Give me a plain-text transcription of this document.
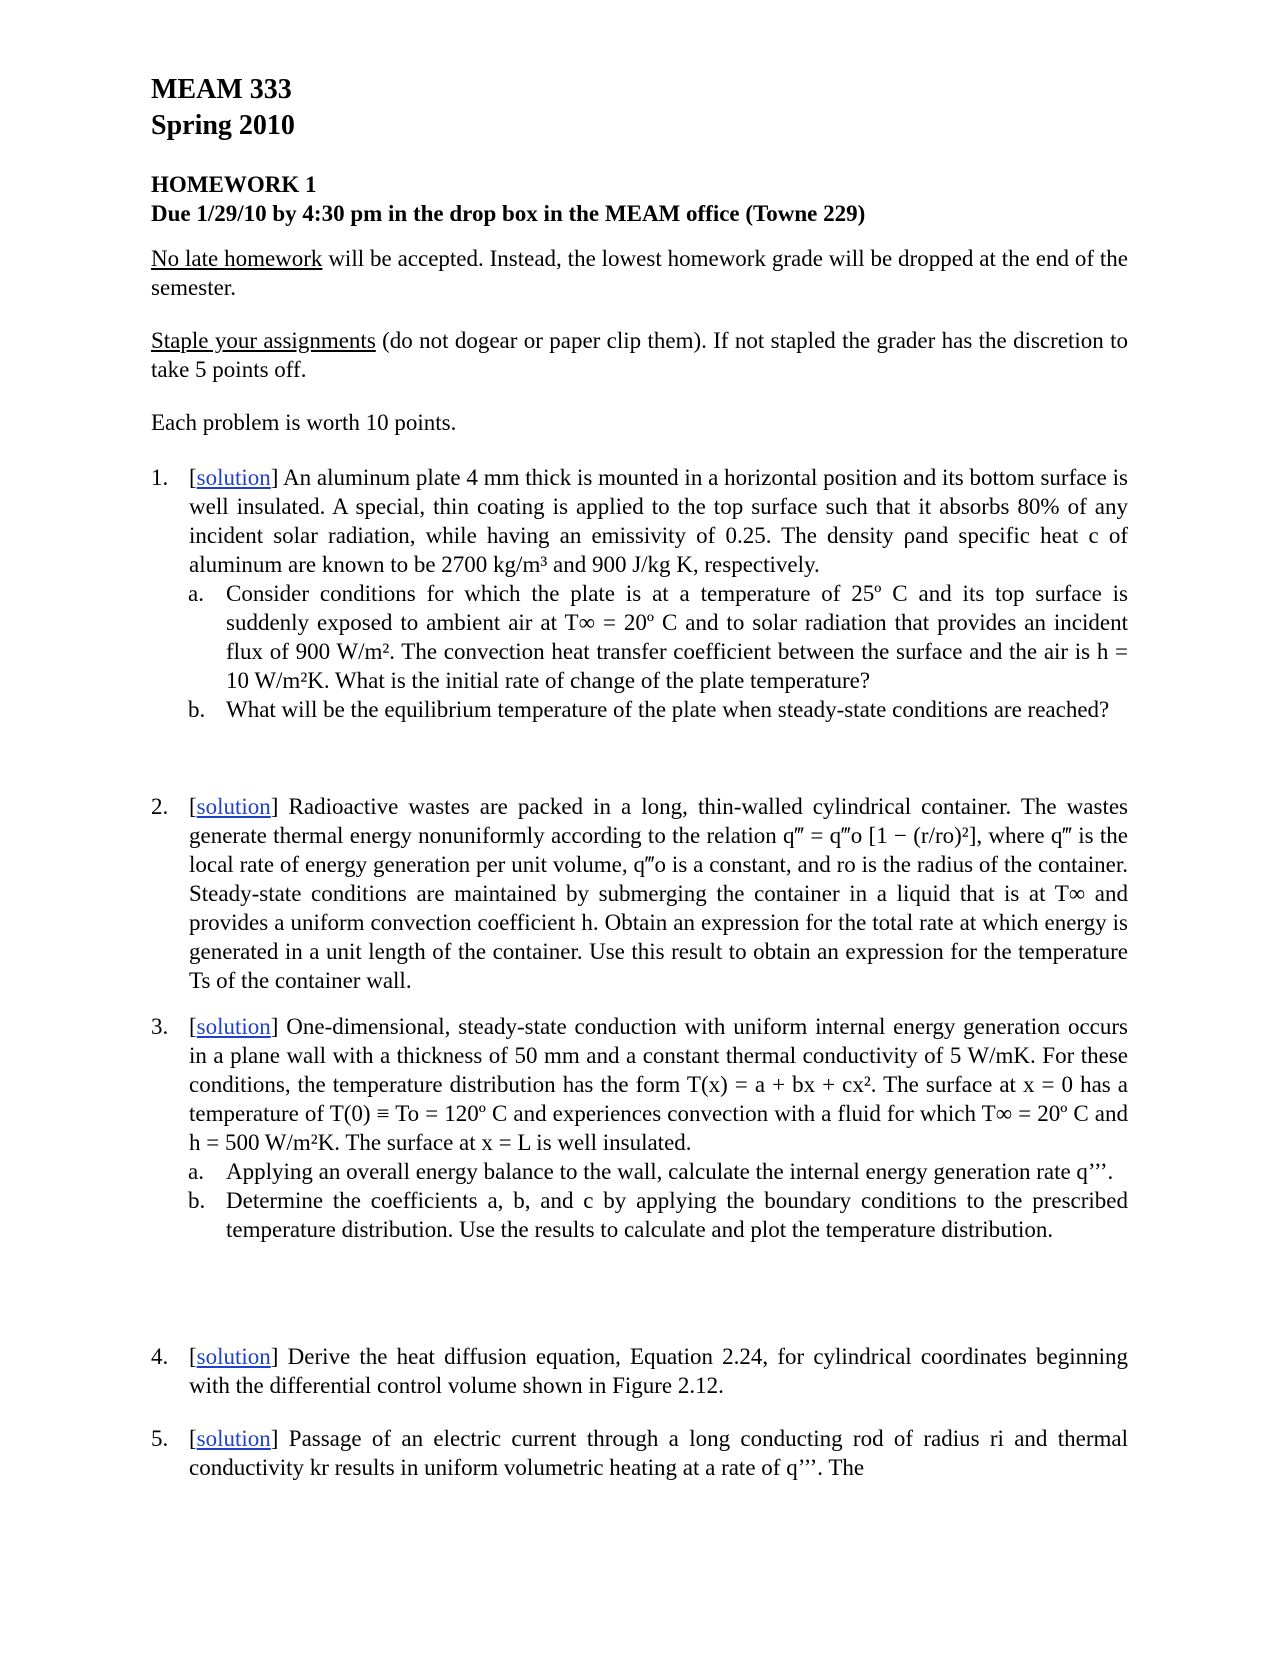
MEAM 333
Spring 2010
HOMEWORK 1
Due 1/29/10 by 4:30 pm in the drop box in the MEAM office (Towne 229)
No late homework will be accepted. Instead, the lowest homework grade will be dropped at the end of the semester.
Staple your assignments (do not dogear or paper clip them). If not stapled the grader has the discretion to take 5 points off.
Each problem is worth 10 points.
1. [solution] An aluminum plate 4 mm thick is mounted in a horizontal position and its bottom surface is well insulated. A special, thin coating is applied to the top surface such that it absorbs 80% of any incident solar radiation, while having an emissivity of 0.25. The density ρand specific heat c of aluminum are known to be 2700 kg/m³ and 900 J/kg K, respectively.
a. Consider conditions for which the plate is at a temperature of 25º C and its top surface is suddenly exposed to ambient air at T∞ = 20º C and to solar radiation that provides an incident flux of 900 W/m². The convection heat transfer coefficient between the surface and the air is h = 10 W/m²K. What is the initial rate of change of the plate temperature?
b. What will be the equilibrium temperature of the plate when steady-state conditions are reached?
2. [solution] Radioactive wastes are packed in a long, thin-walled cylindrical container. The wastes generate thermal energy nonuniformly according to the relation q‴ = q‴o [1 − (r/ro)²], where q‴ is the local rate of energy generation per unit volume, q‴o is a constant, and ro is the radius of the container. Steady-state conditions are maintained by submerging the container in a liquid that is at T∞ and provides a uniform convection coefficient h. Obtain an expression for the total rate at which energy is generated in a unit length of the container. Use this result to obtain an expression for the temperature Ts of the container wall.
3. [solution] One-dimensional, steady-state conduction with uniform internal energy generation occurs in a plane wall with a thickness of 50 mm and a constant thermal conductivity of 5 W/mK. For these conditions, the temperature distribution has the form T(x) = a + bx + cx². The surface at x = 0 has a temperature of T(0) ≡ To = 120º C and experiences convection with a fluid for which T∞ = 20º C and h = 500 W/m²K. The surface at x = L is well insulated.
a. Applying an overall energy balance to the wall, calculate the internal energy generation rate q’’’.
b. Determine the coefficients a, b, and c by applying the boundary conditions to the prescribed temperature distribution. Use the results to calculate and plot the temperature distribution.
4. [solution] Derive the heat diffusion equation, Equation 2.24, for cylindrical coordinates beginning with the differential control volume shown in Figure 2.12.
5. [solution] Passage of an electric current through a long conducting rod of radius ri and thermal conductivity kr results in uniform volumetric heating at a rate of q’’’. The
